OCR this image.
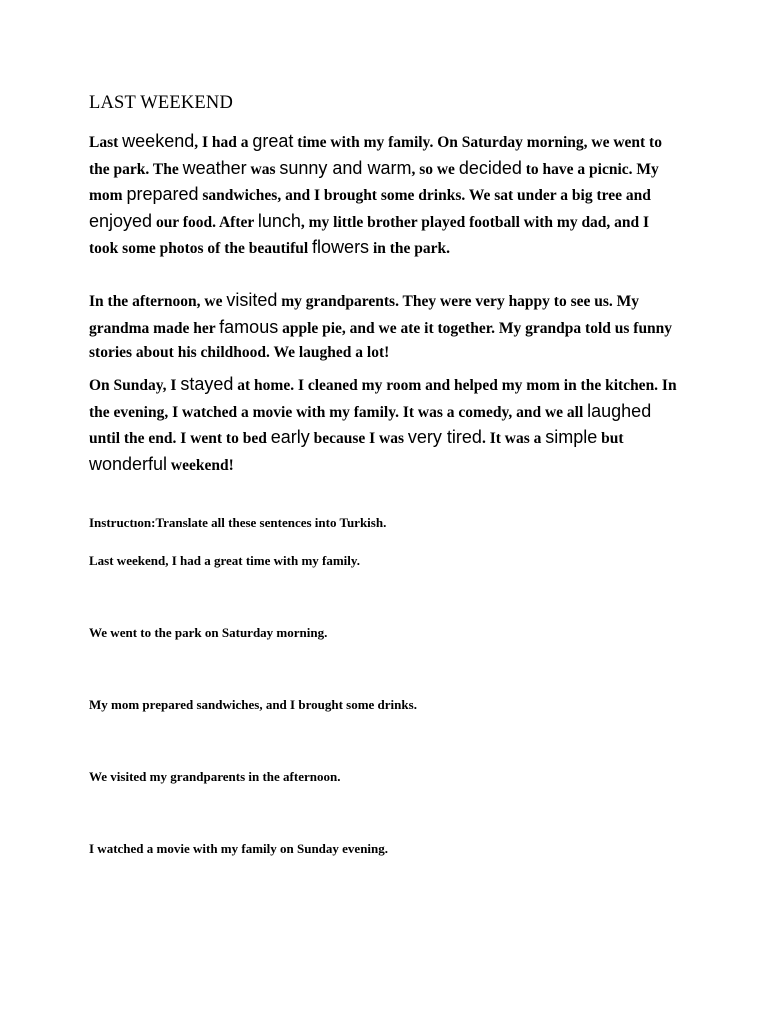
LAST WEEKEND
Last weekend, I had a great time with my family. On Saturday morning, we went to the park. The weather was sunny and warm, so we decided to have a picnic. My mom prepared sandwiches, and I brought some drinks. We sat under a big tree and enjoyed our food. After lunch, my little brother played football with my dad, and I took some photos of the beautiful flowers in the park.
In the afternoon, we visited my grandparents. They were very happy to see us. My grandma made her famous apple pie, and we ate it together. My grandpa told us funny stories about his childhood. We laughed a lot!
On Sunday, I stayed at home. I cleaned my room and helped my mom in the kitchen. In the evening, I watched a movie with my family. It was a comedy, and we all laughed until the end. I went to bed early because I was very tired. It was a simple but wonderful weekend!
Instructıon:Translate all these sentences into Turkish.
Last weekend, I had a great time with my family.
We went to the park on Saturday morning.
My mom prepared sandwiches, and I brought some drinks.
We visited my grandparents in the afternoon.
I watched a movie with my family on Sunday evening.
